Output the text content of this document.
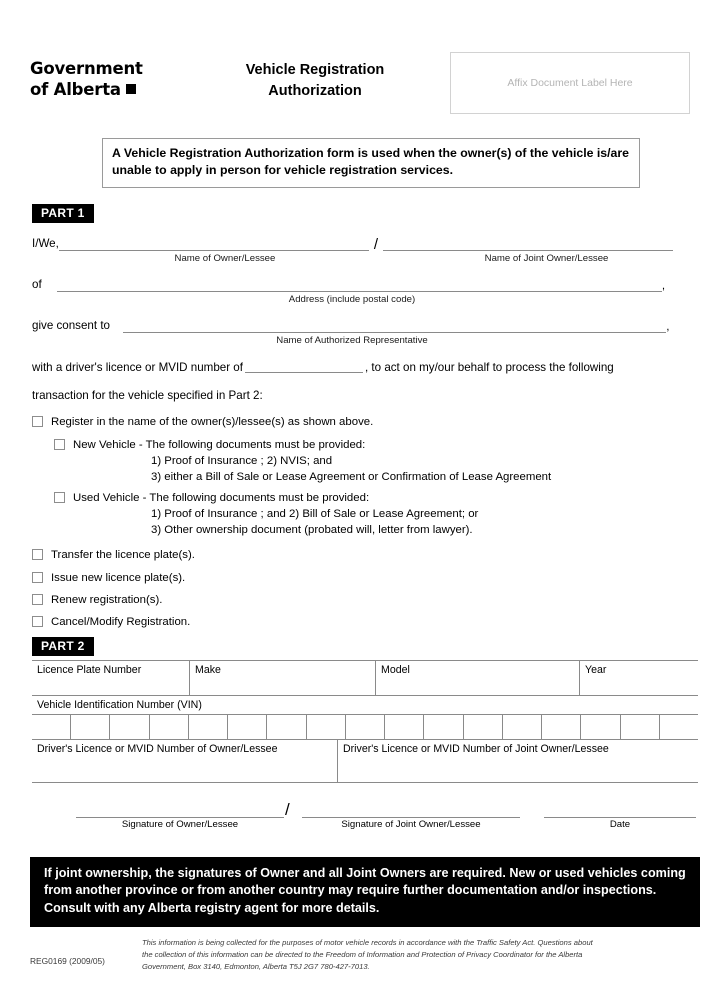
Government
of Alberta
Vehicle Registration
Authorization
Affix Document Label Here
A Vehicle Registration Authorization form is used when the owner(s) of the vehicle is/are unable to apply in person for vehicle registration services.
PART 1
I/We,	/
Name of Owner/Lessee	Name of Joint Owner/Lessee
of	,
Address (include postal code)
give consent to	,
Name of Authorized Representative
with a driver's licence or MVID number of	, to act on my/our behalf to process the following
transaction for the vehicle specified in Part 2:
Register in the name of the owner(s)/lessee(s) as shown above.
New Vehicle - The following documents must be provided:
1) Proof of Insurance ; 2) NVIS; and
3) either a Bill of Sale or Lease Agreement or Confirmation of Lease Agreement
Used Vehicle - The following documents must be provided:
1) Proof of Insurance ; and 2) Bill of Sale or Lease Agreement; or
3) Other ownership document (probated will, letter from lawyer).
Transfer the licence plate(s).
Issue new licence plate(s).
Renew registration(s).
Cancel/Modify Registration.
PART 2
Licence Plate Number	Make	Model	Year
Vehicle Identification Number (VIN)
Driver's Licence or MVID Number of Owner/Lessee	Driver's Licence or MVID Number of Joint Owner/Lessee
Signature of Owner/Lessee
/
Signature of Joint Owner/Lessee	Date
If joint ownership, the signatures of Owner and all Joint Owners are required. New or used vehicles coming from another province or from another country may require further documentation and/or inspections. Consult with any Alberta registry agent for more details.
REG0169 (2009/05)
This information is being collected for the purposes of motor vehicle records in accordance with the Traffic Safety Act. Questions about the collection of this information can be directed to the Freedom of Information and Protection of Privacy Coordinator for the Alberta Government, Box 3140, Edmonton, Alberta T5J 2G7 780-427-7013.
